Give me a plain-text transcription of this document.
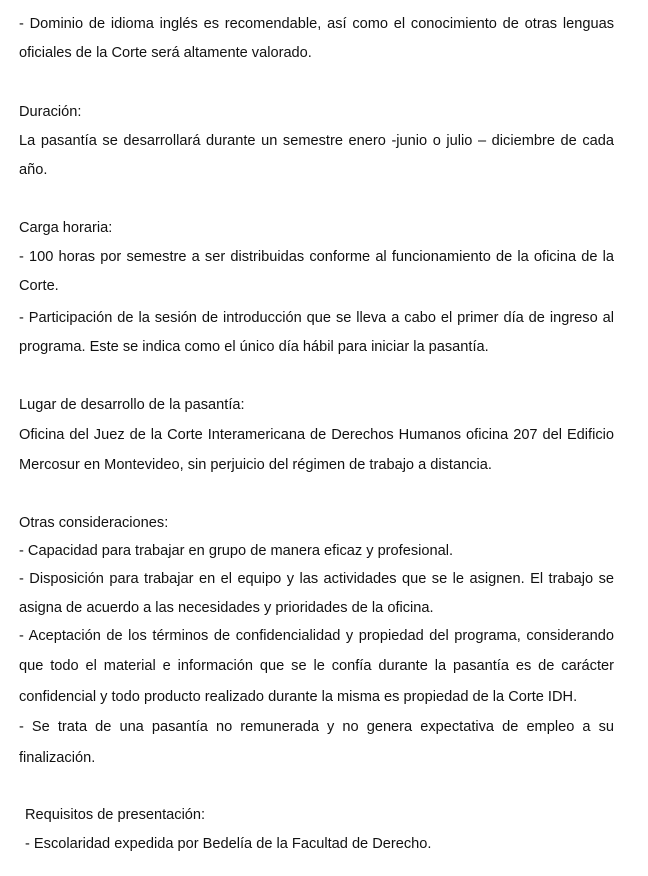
- Dominio de idioma inglés es recomendable, así como el conocimiento de otras lenguas
oficiales de la Corte será altamente valorado.
Duración:
La pasantía se desarrollará durante un semestre enero -junio o julio – diciembre de cada
año.
Carga horaria:
- 100 horas por semestre a ser distribuidas conforme al funcionamiento de la oficina de la
Corte.
- Participación de la sesión de introducción que se lleva a cabo el primer día de ingreso al
programa. Este se indica como el único día hábil para iniciar la pasantía.
Lugar de desarrollo de la pasantía:
Oficina del Juez de la Corte Interamericana de Derechos Humanos oficina 207 del Edificio
Mercosur en Montevideo, sin perjuicio del régimen de trabajo a distancia.
Otras consideraciones:
- Capacidad para trabajar en grupo de manera eficaz y profesional.
- Disposición para trabajar en el equipo y las actividades que se le asignen. El trabajo se
asigna de acuerdo a las necesidades y prioridades de la oficina.
- Aceptación de los términos de confidencialidad y propiedad del programa, considerando
que todo el material e información que se le confía durante la pasantía es de carácter
confidencial y todo producto realizado durante la misma es propiedad de la Corte IDH.
- Se trata de una pasantía no remunerada y no genera expectativa de empleo a su
finalización.
Requisitos de presentación:
- Escolaridad expedida por Bedelía de la Facultad de Derecho.
